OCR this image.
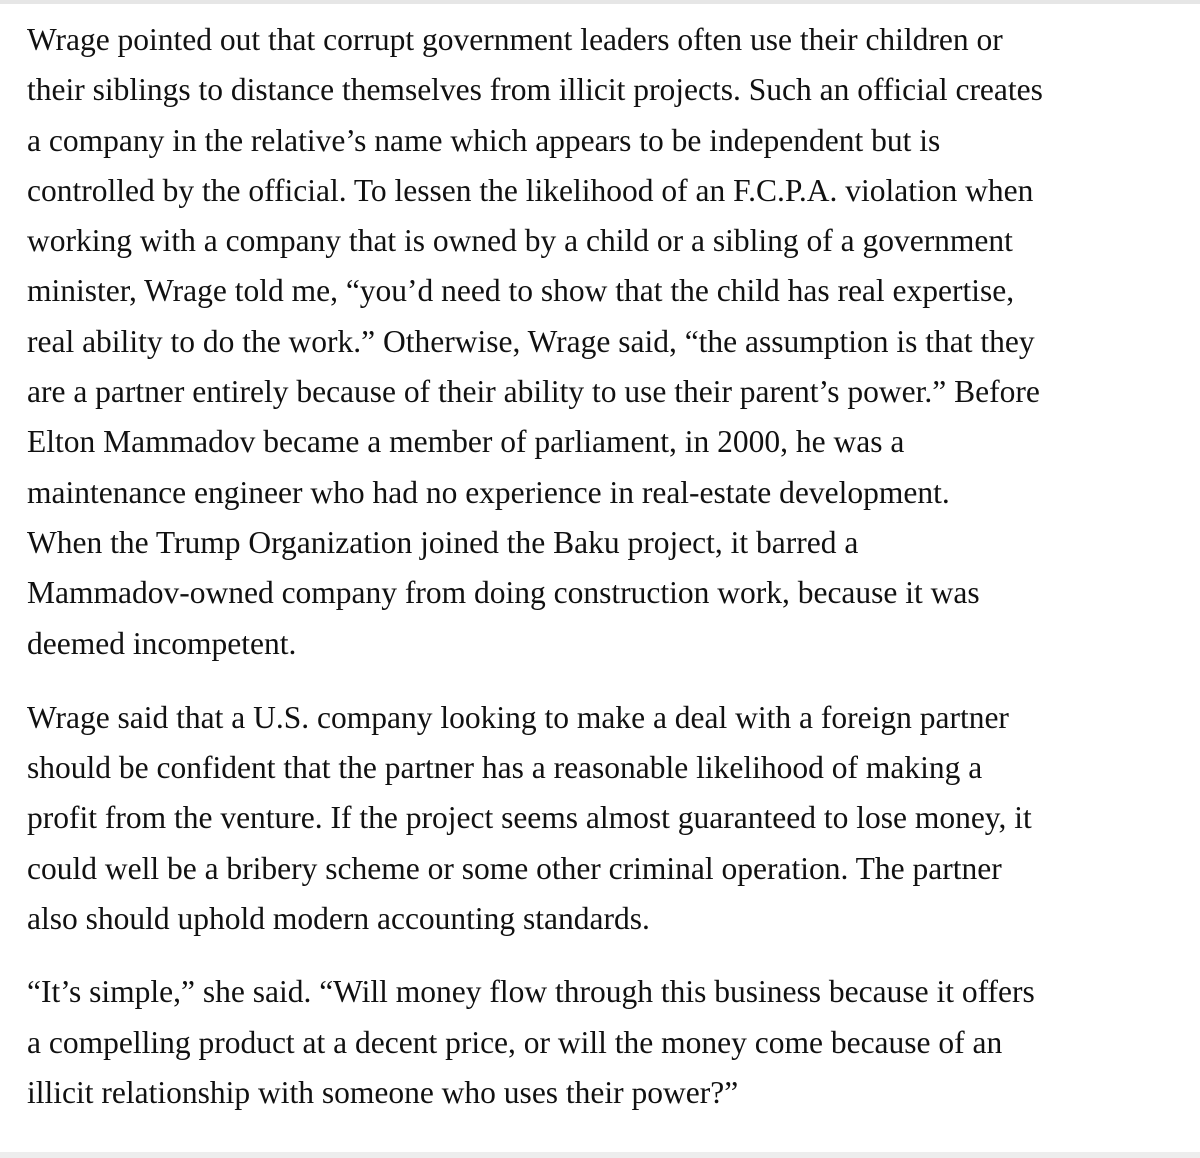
Wrage pointed out that corrupt government leaders often use their children or
their siblings to distance themselves from illicit projects. Such an official creates
a company in the relative’s name which appears to be independent but is
controlled by the official. To lessen the likelihood of an F.C.P.A. violation when
working with a company that is owned by a child or a sibling of a government
minister, Wrage told me, “you’d need to show that the child has real expertise,
real ability to do the work.” Otherwise, Wrage said, “the assumption is that they
are a partner entirely because of their ability to use their parent’s power.” Before
Elton Mammadov became a member of parliament, in 2000, he was a
maintenance engineer who had no experience in real-estate development.
When the Trump Organization joined the Baku project, it barred a
Mammadov-owned company from doing construction work, because it was
deemed incompetent.

Wrage said that a U.S. company looking to make a deal with a foreign partner
should be confident that the partner has a reasonable likelihood of making a
profit from the venture. If the project seems almost guaranteed to lose money, it
could well be a bribery scheme or some other criminal operation. The partner
also should uphold modern accounting standards.

“It’s simple,” she said. “Will money flow through this business because it offers
a compelling product at a decent price, or will the money come because of an
illicit relationship with someone who uses their power?”
